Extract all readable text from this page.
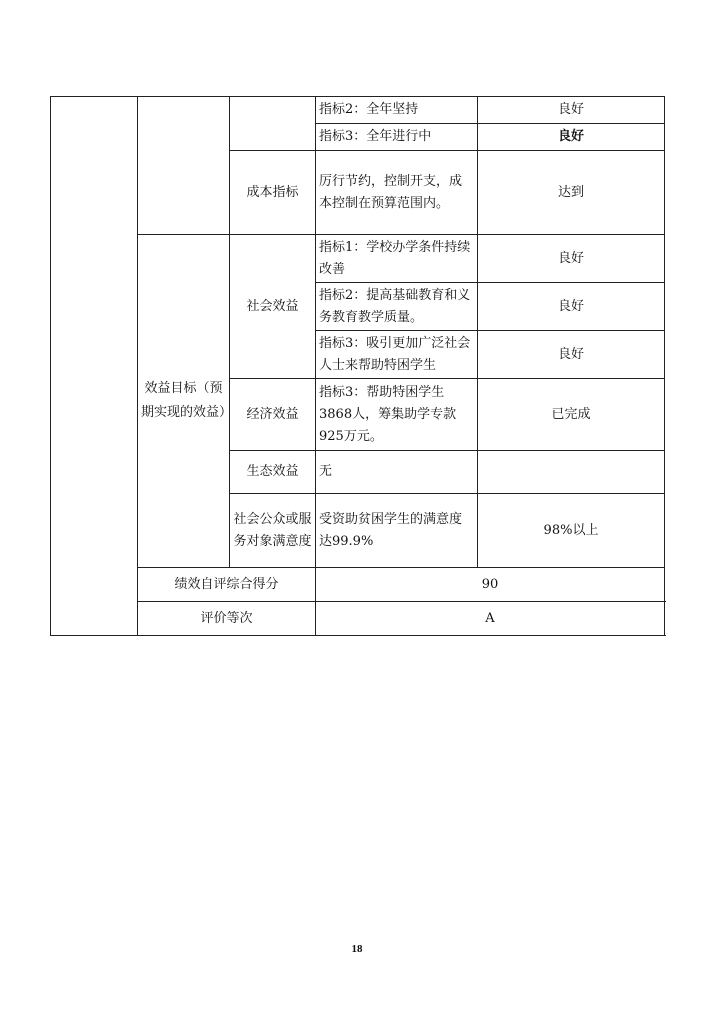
			指标2：全年坚持	良好
			指标3：全年进行中	良好
		成本指标	厉行节约，控制开支，成本控制在预算范围内。	达到
	效益目标（预期实现的效益）	社会效益	指标1：学校办学条件持续改善	良好
			指标2：提高基础教育和义务教育教学质量。	良好
			指标3：吸引更加广泛社会人士来帮助特困学生	良好
		经济效益	指标3：帮助特困学生3868人，筹集助学专款925万元。	已完成
		生态效益	无	
		社会公众或服务对象满意度	受资助贫困学生的满意度达99.9%	98%以上
	绩效自评综合得分		90	
	评价等次		A	
18
